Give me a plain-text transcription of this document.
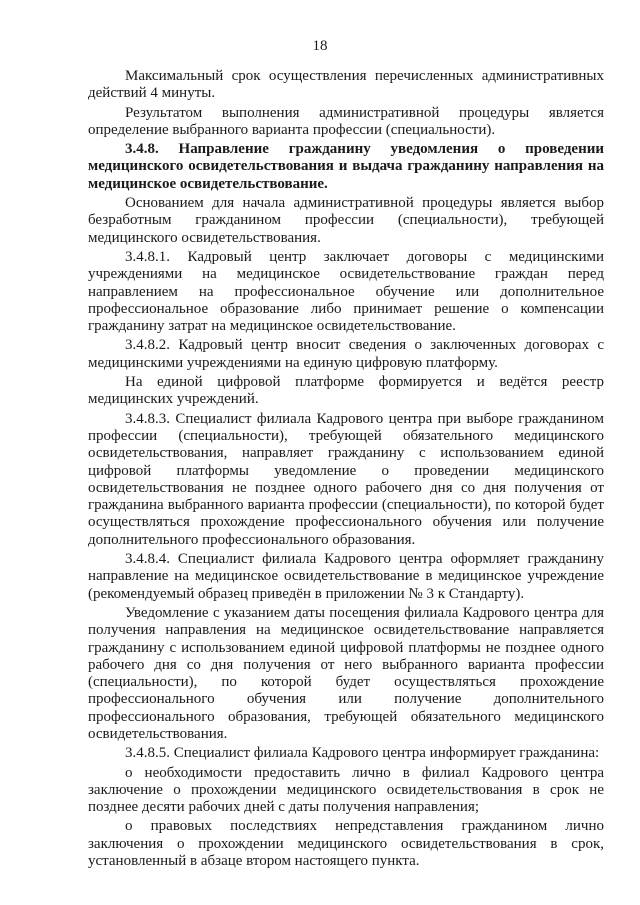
18

Максимальный срок осуществления перечисленных административных действий 4 минуты.

Результатом выполнения административной процедуры является определение выбранного варианта профессии (специальности).

3.4.8. Направление гражданину уведомления о проведении медицинского освидетельствования и выдача гражданину направления на медицинское освидетельствование.

Основанием для начала административной процедуры является выбор безработным гражданином профессии (специальности), требующей медицинского освидетельствования.

3.4.8.1. Кадровый центр заключает договоры с медицинскими учреждениями на медицинское освидетельствование граждан перед направлением на профессиональное обучение или дополнительное профессиональное образование либо принимает решение о компенсации гражданину затрат на медицинское освидетельствование.

3.4.8.2. Кадровый центр вносит сведения о заключенных договорах с медицинскими учреждениями на единую цифровую платформу.

На единой цифровой платформе формируется и ведётся реестр медицинских учреждений.

3.4.8.3. Специалист филиала Кадрового центра при выборе гражданином профессии (специальности), требующей обязательного медицинского освидетельствования, направляет гражданину с использованием единой цифровой платформы уведомление о проведении медицинского освидетельствования не позднее одного рабочего дня со дня получения от гражданина выбранного варианта профессии (специальности), по которой будет осуществляться прохождение профессионального обучения или получение дополнительного профессионального образования.

3.4.8.4. Специалист филиала Кадрового центра оформляет гражданину направление на медицинское освидетельствование в медицинское учреждение (рекомендуемый образец приведён в приложении № 3 к Стандарту).

Уведомление с указанием даты посещения филиала Кадрового центра для получения направления на медицинское освидетельствование направляется гражданину с использованием единой цифровой платформы не позднее одного рабочего дня со дня получения от него выбранного варианта профессии (специальности), по которой будет осуществляться прохождение профессионального обучения или получение дополнительного профессионального образования, требующей обязательного медицинского освидетельствования.

3.4.8.5. Специалист филиала Кадрового центра информирует гражданина:

о необходимости предоставить лично в филиал Кадрового центра заключение о прохождении медицинского освидетельствования в срок не позднее десяти рабочих дней с даты получения направления;

о правовых последствиях непредставления гражданином лично заключения о прохождении медицинского освидетельствования в срок, установленный в абзаце втором настоящего пункта.
